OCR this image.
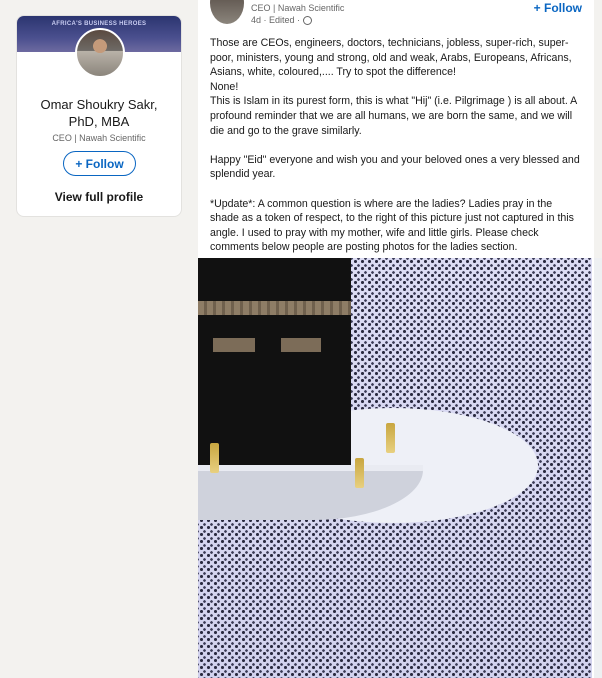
AFRICA'S BUSINESS HEROES
Omar Shoukry Sakr, PhD, MBA
CEO | Nawah Scientific
+ Follow
View full profile
CEO | Nawah Scientific
4d · Edited ·
+ Follow
Those are CEOs, engineers, doctors, technicians, jobless, super-rich, super-poor, ministers, young and strong, old and weak, Arabs, Europeans, Africans, Asians, white, coloured,.... Try to spot the difference!
None!
This is Islam in its purest form, this is what "Hij" (i.e. Pilgrimage ) is all about. A profound reminder that we are all humans, we are born the same, and we will die and go to the grave similarly.

Happy "Eid" everyone and wish you and your beloved ones a very blessed and splendid year.

*Update*: A common question is where are the ladies? Ladies pray in the shade as a token of respect, to the right of this picture just not captured in this angle. I used to pray with my mother, wife and little girls. Please check comments below people are posting photos for the ladies section.
